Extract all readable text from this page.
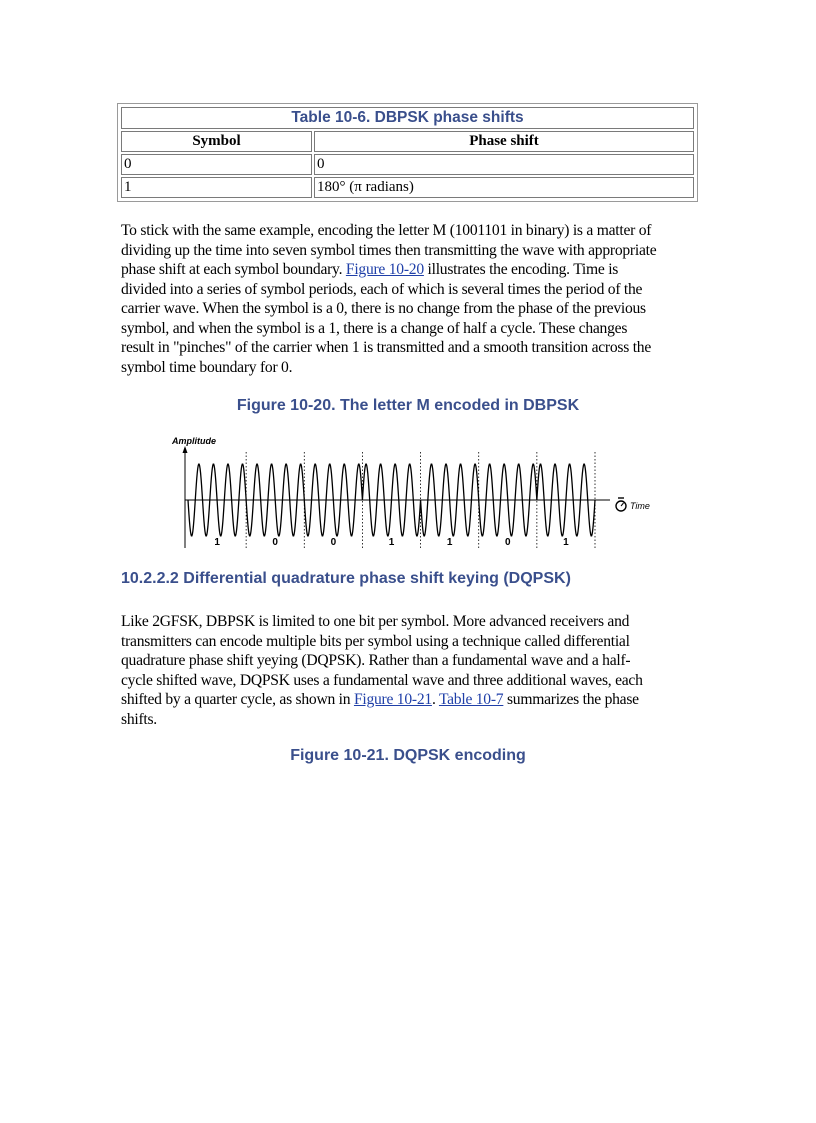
Table 10-6. DBPSK phase shifts
Symbol	Phase shift
0	0
1	180° (π radians)

To stick with the same example, encoding the letter M (1001101 in binary) is a matter of dividing up the time into seven symbol times then transmitting the wave with appropriate phase shift at each symbol boundary. Figure 10-20 illustrates the encoding. Time is divided into a series of symbol periods, each of which is several times the period of the carrier wave. When the symbol is a 0, there is no change from the phase of the previous symbol, and when the symbol is a 1, there is a change of half a cycle. These changes result in "pinches" of the carrier when 1 is transmitted and a smooth transition across the symbol time boundary for 0.

Figure 10-20. The letter M encoded in DBPSK
Amplitude
Time
1	0	0	1	1	0	1
10.2.2.2 Differential quadrature phase shift keying (DQPSK)

Like 2GFSK, DBPSK is limited to one bit per symbol. More advanced receivers and transmitters can encode multiple bits per symbol using a technique called differential quadrature phase shift yeying (DQPSK). Rather than a fundamental wave and a half-cycle shifted wave, DQPSK uses a fundamental wave and three additional waves, each shifted by a quarter cycle, as shown in Figure 10-21. Table 10-7 summarizes the phase shifts.

Figure 10-21. DQPSK encoding
